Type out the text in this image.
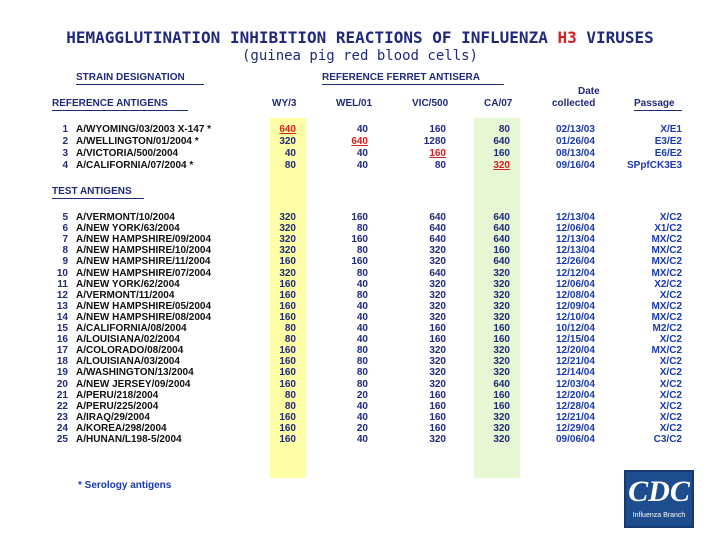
HEMAGGLUTINATION INHIBITION REACTIONS OF INFLUENZA H3 VIRUSES
(guinea pig red blood cells)
STRAIN DESIGNATION	REFERENCE FERRET ANTISERA
Date
collected
REFERENCE ANTIGENS	WY/3	WEL/01	VIC/500	CA/07	Passage
TEST ANTIGENS
1 A/WYOMING/03/2003 X-147 *	640	40	160	80	02/13/03	X/E1
2 A/WELLINGTON/01/2004 *	320	640	1280	640	01/26/04	E3/E2
3 A/VICTORIA/500/2004	40	40	160	160	08/13/04	E6/E2
4 A/CALIFORNIA/07/2004 *	80	40	80	320	09/16/04	SPpfCK3E3
5 A/VERMONT/10/2004	320	160	640	640	12/13/04	X/C2
6 A/NEW YORK/63/2004	320	80	640	640	12/06/04	X1/C2
7 A/NEW HAMPSHIRE/09/2004	320	160	640	640	12/13/04	MX/C2
8 A/NEW HAMPSHIRE/10/2004	320	80	320	160	12/13/04	MX/C2
9 A/NEW HAMPSHIRE/11/2004	160	160	320	640	12/26/04	MX/C2
10 A/NEW HAMPSHIRE/07/2004	320	80	640	320	12/12/04	MX/C2
11 A/NEW YORK/62/2004	160	40	320	320	12/06/04	X2/C2
12 A/VERMONT/11/2004	160	80	320	320	12/08/04	X/C2
13 A/NEW HAMPSHIRE/05/2004	160	40	320	320	12/09/04	MX/C2
14 A/NEW HAMPSHIRE/08/2004	160	40	320	320	12/10/04	MX/C2
15 A/CALIFORNIA/08/2004	80	40	160	160	10/12/04	M2/C2
16 A/LOUISIANA/02/2004	80	40	160	160	12/15/04	X/C2
17 A/COLORADO/08/2004	160	80	320	320	12/20/04	MX/C2
18 A/LOUISIANA/03/2004	160	80	320	320	12/21/04	X/C2
19 A/WASHINGTON/13/2004	160	80	320	320	12/14/04	X/C2
20 A/NEW JERSEY/09/2004	160	80	320	640	12/03/04	X/C2
21 A/PERU/218/2004	80	20	160	160	12/20/04	X/C2
22 A/PERU/225/2004	80	40	160	160	12/28/04	X/C2
23 A/IRAQ/29/2004	160	40	160	320	12/21/04	X/C2
24 A/KOREA/298/2004	160	20	160	320	12/29/04	X/C2
25 A/HUNAN/L198-5/2004	160	40	320	320	09/06/04	C3/C2
* Serology antigens	CDC
Influenza Branch
